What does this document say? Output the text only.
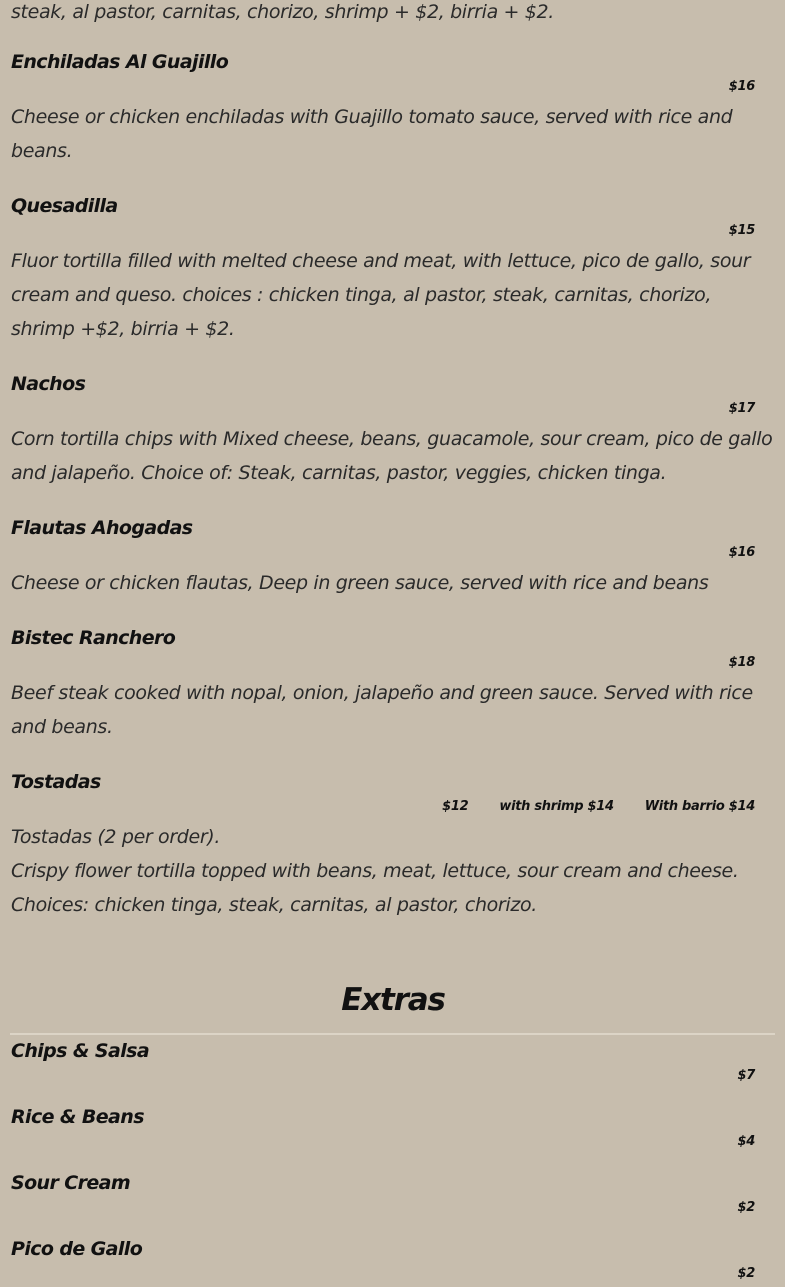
steak, al pastor, carnitas, chorizo, shrimp + $2, birria + $2.

Enchiladas Al Guajillo
$16

Cheese or chicken enchiladas with Guajillo tomato sauce, served with rice and beans.

Quesadilla
$15

Fluor tortilla filled with melted cheese and meat, with lettuce, pico de gallo, sour cream and queso. choices : chicken tinga, al pastor, steak, carnitas, chorizo, shrimp +$2, birria + $2.

Nachos
$17

Corn tortilla chips with Mixed cheese, beans, guacamole, sour cream, pico de gallo and jalapeño. Choice of: Steak, carnitas, pastor, veggies, chicken tinga.

Flautas Ahogadas
$16

Cheese or chicken flautas, Deep in green sauce, served with rice and beans

Bistec Ranchero
$18

Beef steak cooked with nopal, onion, jalapeño and green sauce. Served with rice and beans.

Tostadas
$12 with shrimp $14 With barrio $14

Tostadas (2 per order).

Crispy flower tortilla topped with beans, meat, lettuce, sour cream and cheese.

Choices: chicken tinga, steak, carnitas, al pastor, chorizo.

Extras
Chips & Salsa
$7
Rice & Beans
$4
Sour Cream
$2
Pico de Gallo
$2
